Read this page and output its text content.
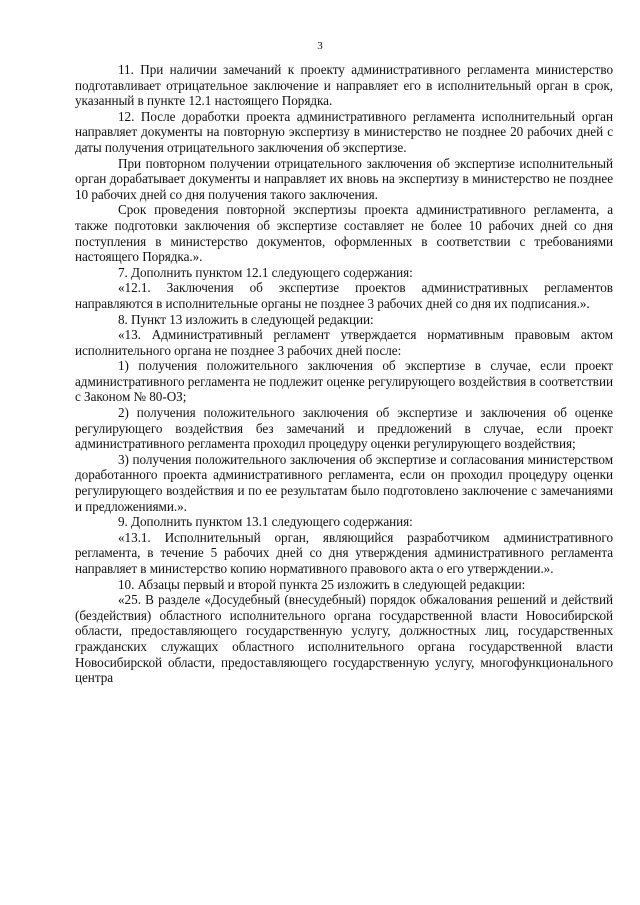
3

11. При наличии замечаний к проекту административного регламента министерство подготавливает отрицательное заключение и направляет его в исполнительный орган в срок, указанный в пункте 12.1 настоящего Порядка.

12. После доработки проекта административного регламента исполнительный орган направляет документы на повторную экспертизу в министерство не позднее 20 рабочих дней с даты получения отрицательного заключения об экспертизе.

При повторном получении отрицательного заключения об экспертизе исполнительный орган дорабатывает документы и направляет их вновь на экспертизу в министерство не позднее 10 рабочих дней со дня получения такого заключения.

Срок проведения повторной экспертизы проекта административного регламента, а также подготовки заключения об экспертизе составляет не более 10 рабочих дней со дня поступления в министерство документов, оформленных в соответствии с требованиями настоящего Порядка.».

7. Дополнить пунктом 12.1 следующего содержания:

«12.1. Заключения об экспертизе проектов административных регламентов направляются в исполнительные органы не позднее 3 рабочих дней со дня их подписания.».

8. Пункт 13 изложить в следующей редакции:

«13. Административный регламент утверждается нормативным правовым актом исполнительного органа не позднее 3 рабочих дней после:

1) получения положительного заключения об экспертизе в случае, если проект административного регламента не подлежит оценке регулирующего воздействия в соответствии с Законом № 80-ОЗ;

2) получения положительного заключения об экспертизе и заключения об оценке регулирующего воздействия без замечаний и предложений в случае, если проект административного регламента проходил процедуру оценки регулирующего воздействия;

3) получения положительного заключения об экспертизе и согласования министерством доработанного проекта административного регламента, если он проходил процедуру оценки регулирующего воздействия и по ее результатам было подготовлено заключение с замечаниями и предложениями.».

9. Дополнить пунктом 13.1 следующего содержания:

«13.1. Исполнительный орган, являющийся разработчиком административного регламента, в течение 5 рабочих дней со дня утверждения административного регламента направляет в министерство копию нормативного правового акта о его утверждении.».

10. Абзацы первый и второй пункта 25 изложить в следующей редакции:

«25. В разделе «Досудебный (внесудебный) порядок обжалования решений и действий (бездействия) областного исполнительного органа государственной власти Новосибирской области, предоставляющего государственную услугу, должностных лиц, государственных гражданских служащих областного исполнительного органа государственной власти Новосибирской области, предоставляющего государственную услугу, многофункционального центра
